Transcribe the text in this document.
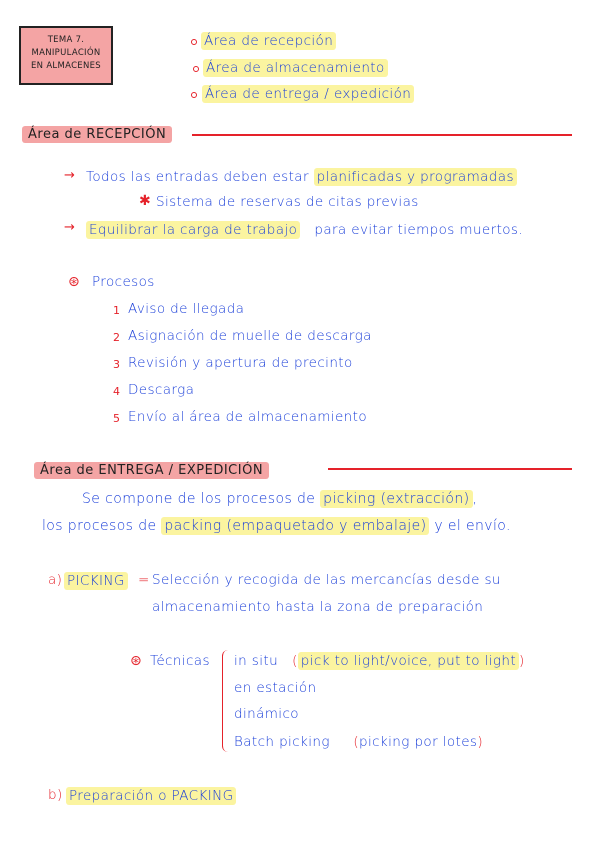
TEMA 7.
MANIPULACIÓN
EN ALMACENES
Área de recepción
Área de almacenamiento
Área de entrega / expedición
Área de RECEPCIÓN
→ Todos las entradas deben estar planificadas y programadas
✱ Sistema de reservas de citas previas
→ Equilibrar la carga de trabajo para evitar tiempos muertos.
⊛ Procesos
1 Aviso de llegada
2 Asignación de muelle de descarga
3 Revisión y apertura de precinto
4 Descarga
5 Envío al área de almacenamiento
Área de ENTREGA / EXPEDICIÓN
Se compone de los procesos de picking (extracción) ,
los procesos de packing (empaquetado y embalaje) y el envío.
a) PICKING = Selección y recogida de las mercancías desde su
almacenamiento hasta la zona de preparación
⊛ Técnicas in situ ( pick to light/voice, put to light )
en estación
dinámico
Batch picking (picking por lotes)
b) Preparación o PACKING
